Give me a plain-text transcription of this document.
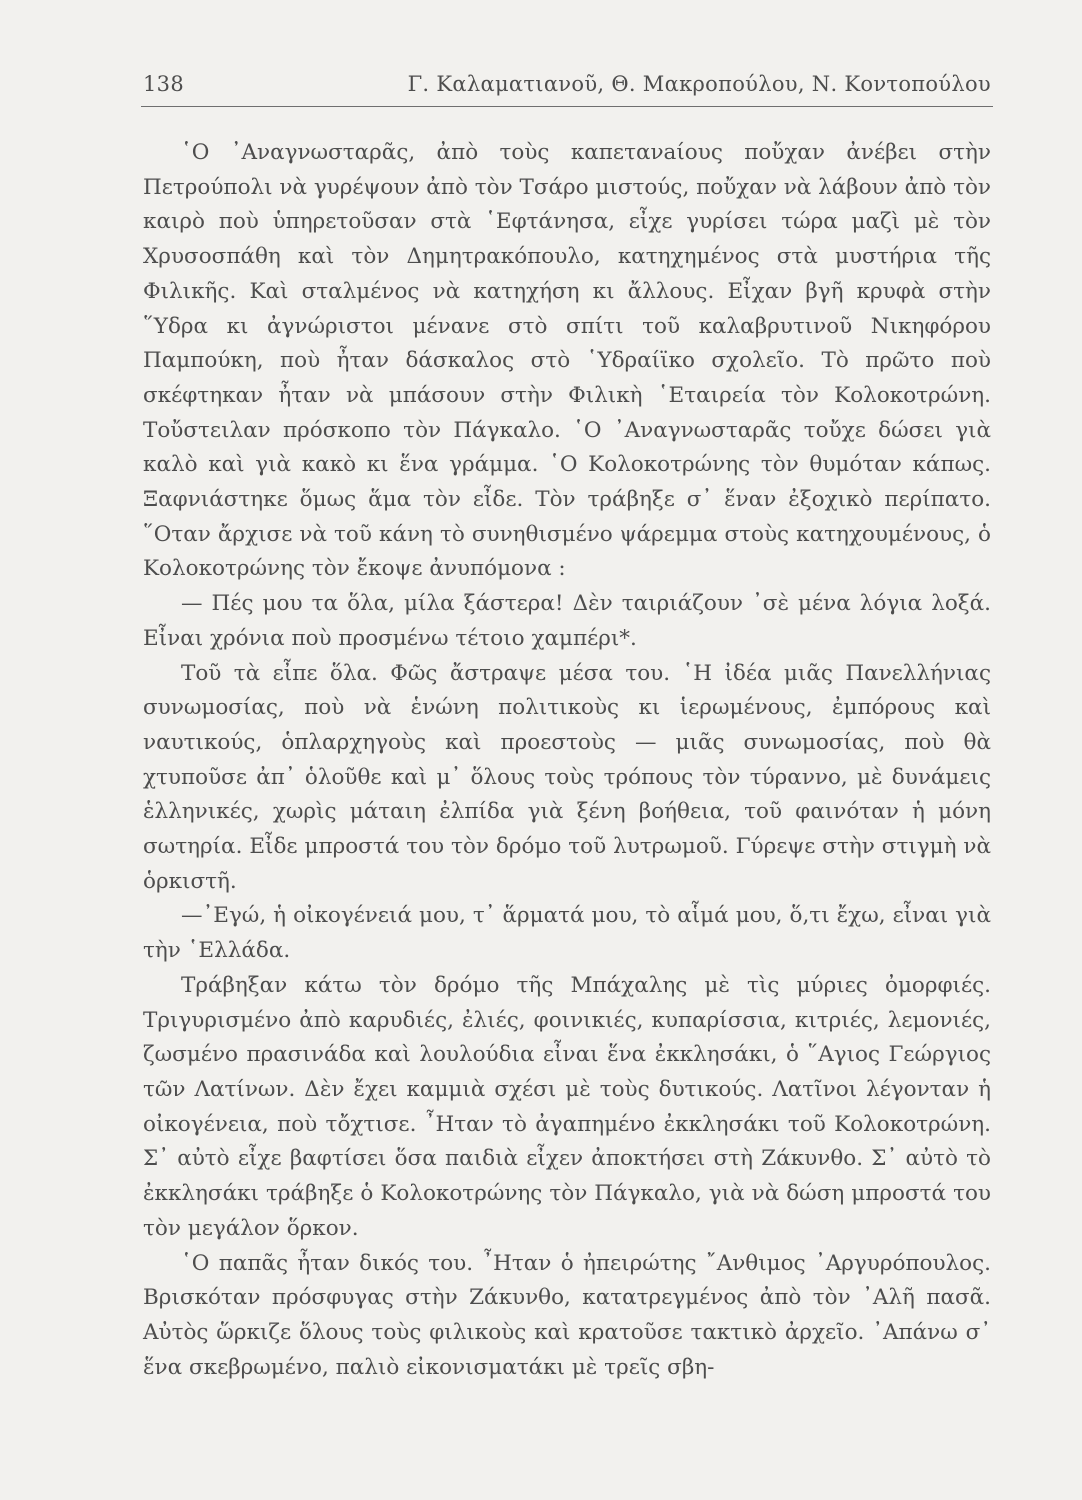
138	Γ. Καλαματιανοῦ, Θ. Μακροπούλου, Ν. Κοντοπούλου

῾Ο ᾿Αναγνωσταρᾶς, ἀπὸ τοὺς καπετανaίους ποὔχαν ἀνέβει στὴν Πετρούπολι νὰ γυρέψουν ἀπὸ τὸν Τσάρο μιστούς, ποὔχαν νὰ λάβουν ἀπὸ τὸν καιρὸ ποὺ ὑπηρετοῦσαν στὰ ῾Εφτάνησα, εἶχε γυρίσει τώρα μαζὶ μὲ τὸν Χρυσοσπάθη καὶ τὸν Δημητρακόπουλο, κατηχημένος στὰ μυστήρια τῆς Φιλικῆς. Καὶ σταλμένος νὰ κατηχήση κι ἄλλους. Εἶχαν βγῆ κρυφὰ στὴν ῞Υδρα κι ἀγνώριστοι μένανε στὸ σπίτι τοῦ καλαβρυτινοῦ Νικηφόρου Παμπούκη, ποὺ ἦταν δάσκαλος στὸ ῾Υδραίϊκο σχολεῖο. Τὸ πρῶτο ποὺ σκέφτηκαν ἦταν νὰ μπάσουν στὴν Φιλικὴ ῾Εταιρεία τὸν Κολοκοτρώνη. Τοὔστειλαν πρόσκοπο τὸν Πάγκαλο. ῾Ο ᾿Αναγνωσταρᾶς τοὔχε δώσει γιὰ καλὸ καὶ γιὰ κακὸ κι ἕνα γράμμα. ῾Ο Κολοκοτρώνης τὸν θυμόταν κάπως. Ξαφνιάστηκε ὅμως ἅμα τὸν εἶδε. Τὸν τράβηξε σ᾿ ἕναν ἐξοχικὸ περίπατο. ῞Οταν ἄρχισε νὰ τοῦ κάνη τὸ συνηθισμένο ψάρεμμα στοὺς κατηχουμένους, ὁ Κολοκοτρώνης τὸν ἔκοψε ἀνυπόμονα :

— Πές μου τα ὅλα, μίλα ξάστερα! Δὲν ταιριάζουν ᾿σὲ μένα λόγια λοξά. Εἶναι χρόνια ποὺ προσμένω τέτοιο χαμπέρι*.

Τοῦ τὰ εἶπε ὅλα. Φῶς ἄστραψε μέσα του. ῾Η ἰδέα μιᾶς Πανελλήνιας συνωμοσίας, ποὺ νὰ ἑνώνη πολιτικοὺς κι ἱερωμένους, ἐμπόρους καὶ ναυτικούς, ὁπλαρχηγοὺς καὶ προεστοὺς — μιᾶς συνωμοσίας, ποὺ θὰ χτυποῦσε ἀπ᾿ ὁλοῦθε καὶ μ᾿ ὅλους τοὺς τρόπους τὸν τύραννο, μὲ δυνάμεις ἑλληνικές, χωρὶς μάταιη ἐλπίδα γιὰ ξένη βοήθεια, τοῦ φαινόταν ἡ μόνη σωτηρία. Εἶδε μπροστά του τὸν δρόμο τοῦ λυτρωμοῦ. Γύρεψε στὴν στιγμὴ νὰ ὁρκιστῆ.

—᾿Εγώ, ἡ οἰκογένειά μου, τ᾿ ἅρματά μου, τὸ αἷμά μου, ὅ,τι ἔχω, εἶναι γιὰ τὴν ῾Ελλάδα.

Τράβηξαν κάτω τὸν δρόμο τῆς Μπάχαλης μὲ τὶς μύριες ὀμορφιές. Τριγυρισμένο ἀπὸ καρυδιές, ἐλιές, φοινικιές, κυπαρίσσια, κιτριές, λεμονιές, ζωσμένο πρασινάδα καὶ λουλούδια εἶναι ἕνα ἐκκλησάκι, ὁ ῞Αγιος Γεώργιος τῶν Λατίνων. Δὲν ἔχει καμμιὰ σχέσι μὲ τοὺς δυτικούς. Λατῖνοι λέγονταν ἡ οἰκογένεια, ποὺ τὄχτισε. ῏Ηταν τὸ ἀγαπημένο ἐκκλησάκι τοῦ Κολοκοτρώνη. Σ᾿ αὐτὸ εἶχε βαφτίσει ὅσα παιδιὰ εἶχεν ἀποκτήσει στὴ Ζάκυνθο. Σ᾿ αὐτὸ τὸ ἐκκλησάκι τράβηξε ὁ Κολοκοτρώνης τὸν Πάγκαλο, γιὰ νὰ δώση μπροστά του τὸν μεγάλον ὅρκον.

῾Ο παπᾶς ἦταν δικός του. ῏Ηταν ὁ ἠπειρώτης ῎Ανθιμος ᾿Αργυρόπουλος. Βρισκόταν πρόσφυγας στὴν Ζάκυνθο, κατατρεγμένος ἀπὸ τὸν ᾿Αλῆ πασᾶ. Αὐτὸς ὥρκιζε ὅλους τοὺς φιλικοὺς καὶ κρατοῦσε τακτικὸ ἀρχεῖο. ᾿Απάνω σ᾿ ἕνα σκεβρωμένο, παλιὸ εἰκονισματάκι μὲ τρεῖς σβη-
